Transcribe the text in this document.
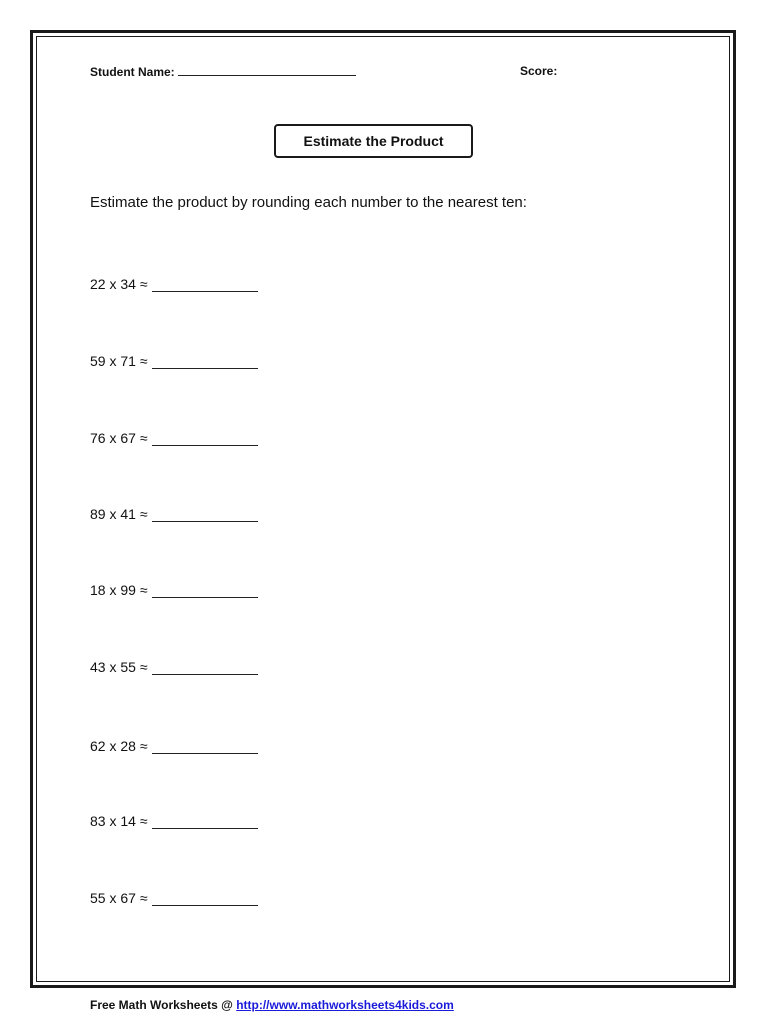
Student Name:	Score:
Estimate the Product
Estimate the product by rounding each number to the nearest ten:
22 x 34 ≈
59 x 71 ≈
76 x 67 ≈
89 x 41 ≈
18 x 99 ≈
43 x 55 ≈
62 x 28 ≈
83 x 14 ≈
55 x 67 ≈
Free Math Worksheets @ http://www.mathworksheets4kids.com
